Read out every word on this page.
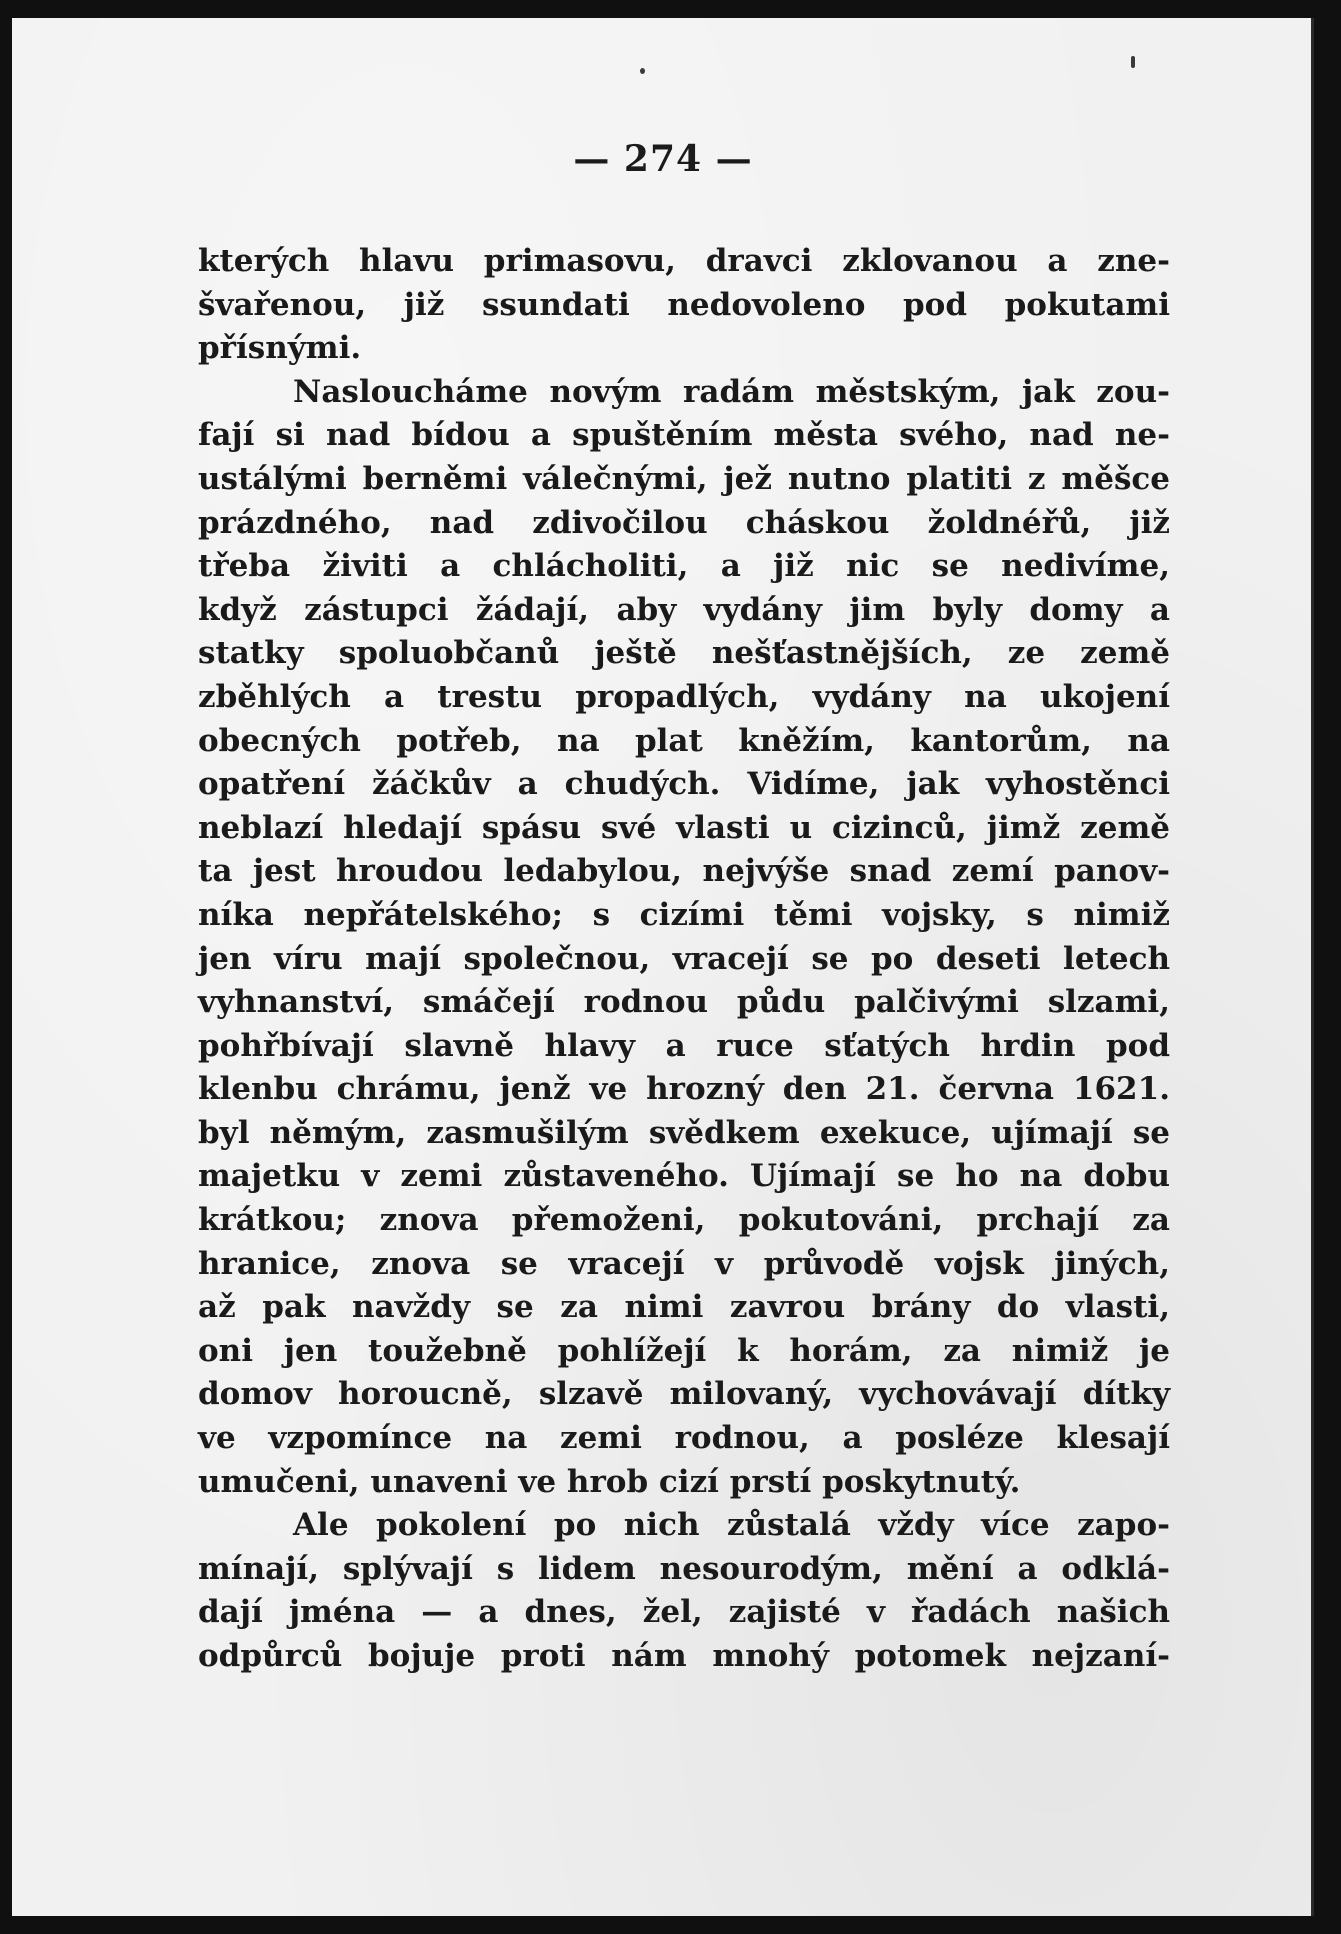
— 274 —
kterých hlavu primasovu, dravci zklovanou a zne-
švařenou, již ssundati nedovoleno pod pokutami
přísnými.
Nasloucháme novým radám městským, jak zou-
fají si nad bídou a spuštěním města svého, nad ne-
ustálými berněmi válečnými, jež nutno platiti z měšce
prázdného, nad zdivočilou cháskou žoldnéřů, již
třeba živiti a chlácholiti, a již nic se nedivíme,
když zástupci žádají, aby vydány jim byly domy a
statky spoluobčanů ještě nešťastnějších, ze země
zběhlých a trestu propadlých, vydány na ukojení
obecných potřeb, na plat kněžím, kantorům, na
opatření žáčkův a chudých. Vidíme, jak vyhostěnci
neblazí hledají spásu své vlasti u cizinců, jimž země
ta jest hroudou ledabylou, nejvýše snad zemí panov-
níka nepřátelského; s cizími těmi vojsky, s nimiž
jen víru mají společnou, vracejí se po deseti letech
vyhnanství, smáčejí rodnou půdu palčivými slzami,
pohřbívají slavně hlavy a ruce sťatých hrdin pod
klenbu chrámu, jenž ve hrozný den 21. června 1621.
byl němým, zasmušilým svědkem exekuce, ujímají se
majetku v zemi zůstaveného. Ujímají se ho na dobu
krátkou; znova přemoženi, pokutováni, prchají za
hranice, znova se vracejí v průvodě vojsk jiných,
až pak navždy se za nimi zavrou brány do vlasti,
oni jen toužebně pohlížejí k horám, za nimiž je
domov horoucně, slzavě milovaný, vychovávají dítky
ve vzpomínce na zemi rodnou, a posléze klesají
umučeni, unaveni ve hrob cizí prstí poskytnutý.
Ale pokolení po nich zůstalá vždy více zapo-
mínají, splývají s lidem nesourodým, mění a odklá-
dají jména — a dnes, žel, zajisté v řadách našich
odpůrců bojuje proti nám mnohý potomek nejzaní-
